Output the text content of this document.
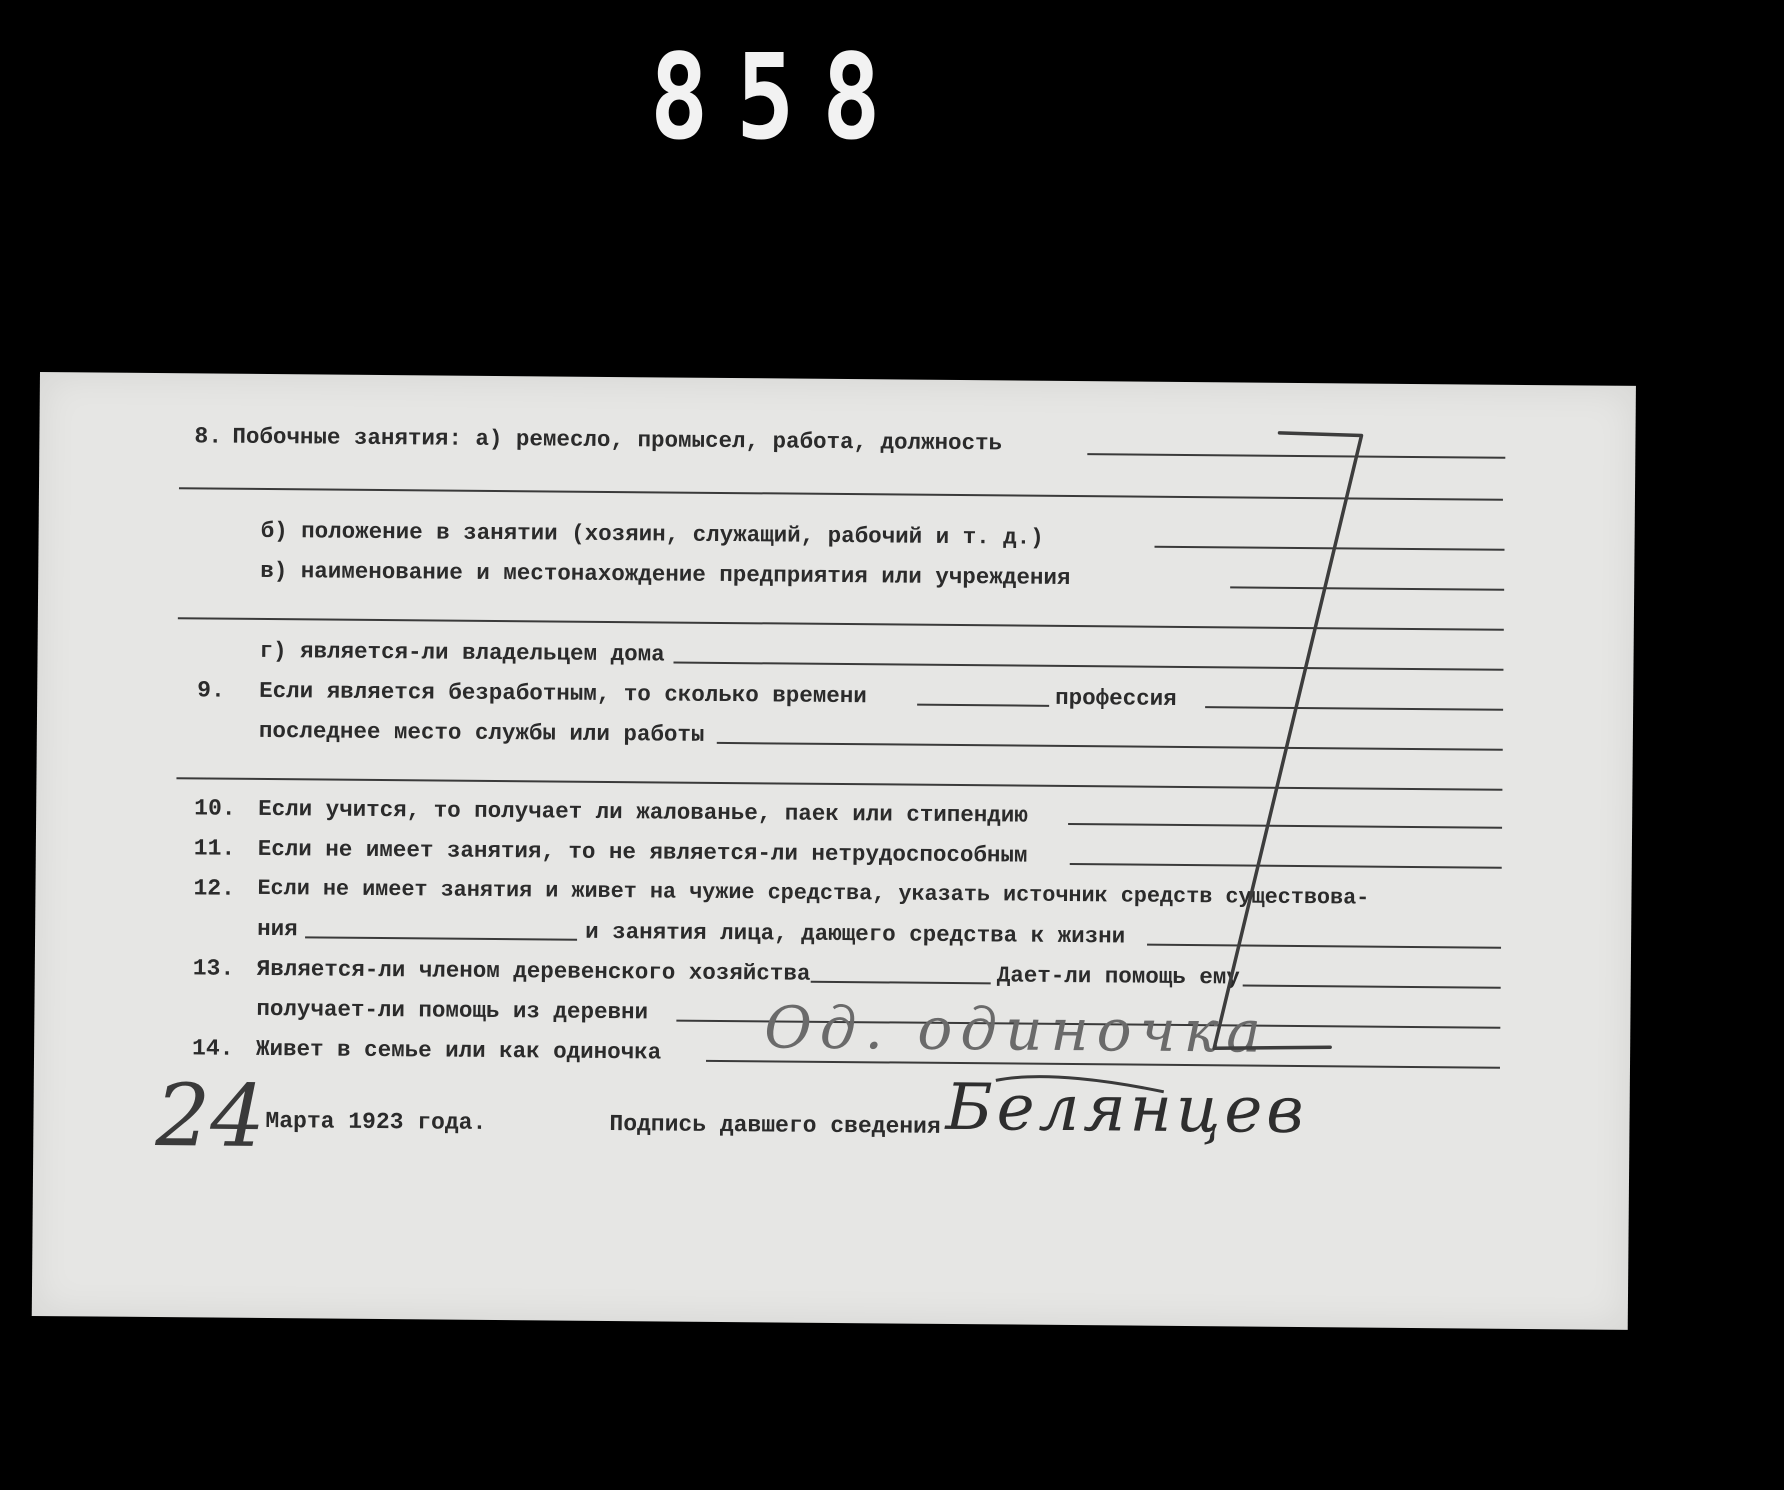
858
8. Побочные занятия: а) ремесло, промысел, работа, должность
б) положение в занятии (хозяин, служащий, рабочий и т. д.)
в) наименование и местонахождение предприятия или учреждения
г) является-ли владельцем дома
9. Если является безработным, то сколько времени	профессия
последнее место службы или работы
10. Если учится, то получает ли жалованье, паек или стипендию
11. Если не имеет занятия, то не является-ли нетрудоспособным
12. Если не имеет занятия и живет на чужие средства, указать источник средств существова-
ния	и занятия лица, дающего средства к жизни
13. Является-ли членом деревенского хозяйства	Дает-ли помощь ему
получает-ли помощь из деревни
14. Живет в семье или как одиночка Од. одиночка
24 Марта 1923 года.	Подпись давшего сведения Белянцев
